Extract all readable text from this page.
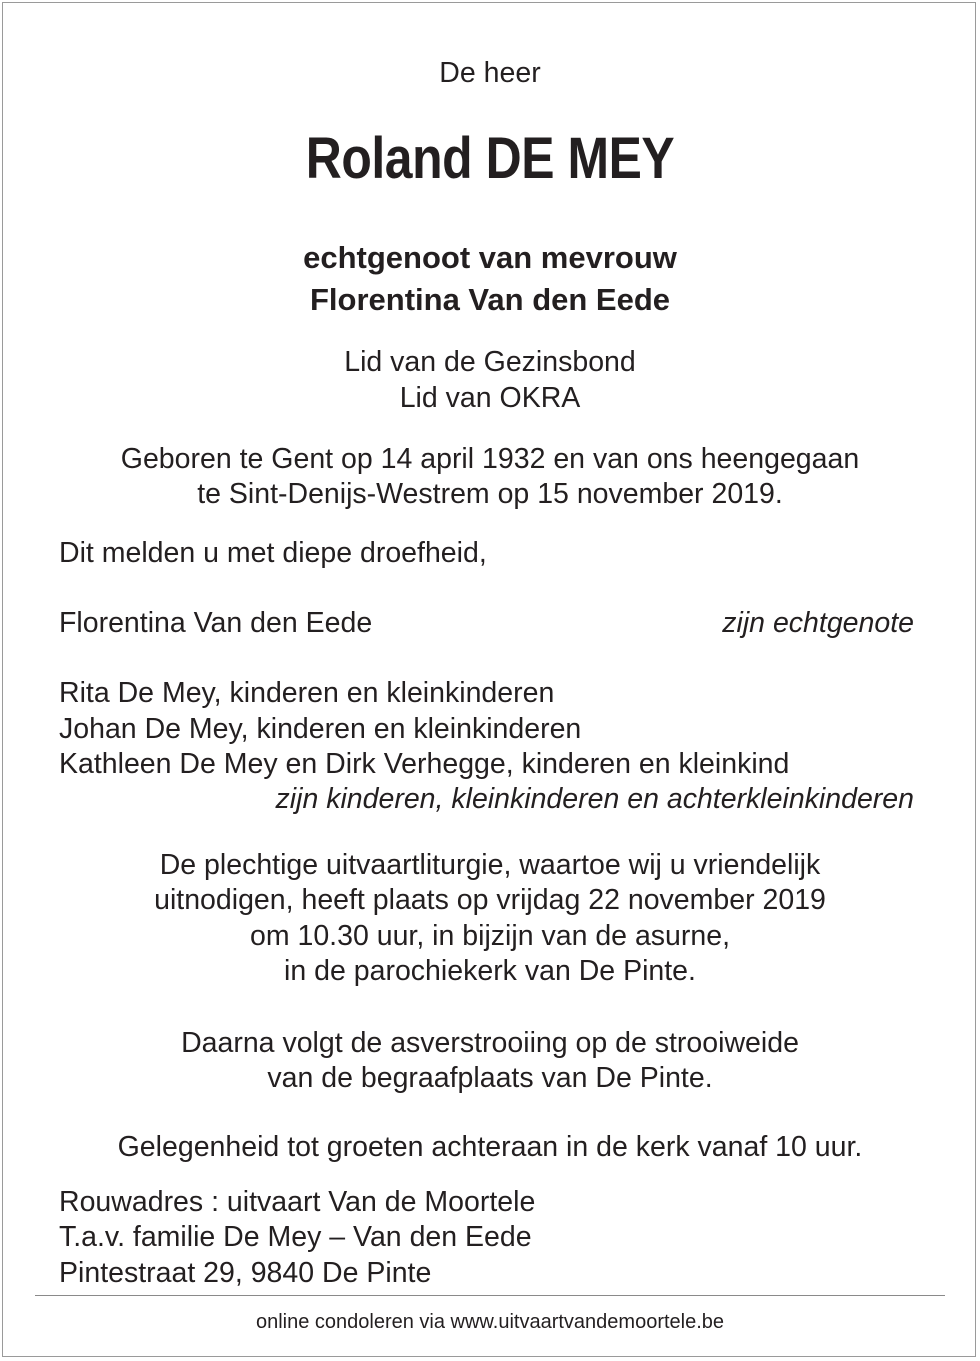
De heer
Roland DE MEY
echtgenoot van mevrouw
Florentina Van den Eede
Lid van de Gezinsbond
Lid van OKRA
Geboren te Gent op 14 april 1932 en van ons heengegaan
te Sint-Denijs-Westrem op 15 november 2019.
Dit melden u met diepe droefheid,
Florentina Van den Eede	zijn echtgenote
Rita De Mey, kinderen en kleinkinderen
Johan De Mey, kinderen en kleinkinderen
Kathleen De Mey en Dirk Verhegge, kinderen en kleinkind
zijn kinderen, kleinkinderen en achterkleinkinderen
De plechtige uitvaartliturgie, waartoe wij u vriendelijk
uitnodigen, heeft plaats op vrijdag 22 november 2019
om 10.30 uur, in bijzijn van de asurne,
in de parochiekerk van De Pinte.
Daarna volgt de asverstrooiing op de strooiweide
van de begraafplaats van De Pinte.
Gelegenheid tot groeten achteraan in de kerk vanaf 10 uur.
Rouwadres : uitvaart Van de Moortele
T.a.v. familie De Mey – Van den Eede
Pintestraat 29, 9840 De Pinte
online condoleren via www.uitvaartvandemoortele.be
